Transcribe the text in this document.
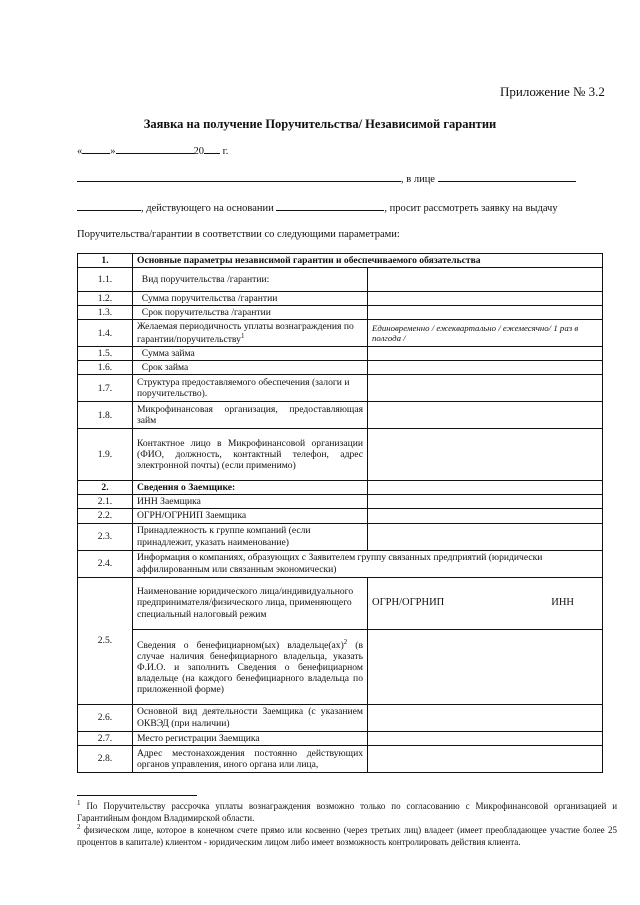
Приложение № 3.2
Заявка на получение Поручительства/ Независимой гарантии
«	»	20 г.
, в лице
, действующего на основании	, просит рассмотреть заявку на выдачу
Поручительства/гарантии в соответствии со следующими параметрами:
1.	Основные параметры независимой гарантии и обеспечиваемого обязательства	
1.1.	Вид поручительства /гарантии:	
1.2.	Сумма поручительства /гарантии	
1.3.	Срок поручительства /гарантии	
1.4.	Желаемая периодичность уплаты вознаграждения по гарантии/поручительству$^1$	Единовременно / ежеквартально / ежемесячно/ 1 раз в полгода /
1.5.	Сумма займа	
1.6.	Срок займа	
1.7.	Структура предоставляемого обеспечения (залоги и поручительство).	
1.8.	Микрофинансовая организация, предоставляющая займ	
1.9.	Контактное лицо в Микрофинансовой организации (ФИО, должность, контактный телефон, адрес электронной почты) (если применимо)	
2.	Сведения о Заемщике:	
2.1.	ИНН Заемщика	
2.2.	ОГРН/ОГРНИП Заемщика	
2.3.	Принадлежность к группе компаний (если принадлежит, указать наименование)	
2.4.	Информация о компаниях, образующих с Заявителем группу связанных предприятий (юридически аффилированным или связанным экономически)	
2.5.	Наименование юридического лица/индивидуального предпринимателя/физического лица, применяющего специальный налоговый режим	ОГРН/ОГРНИП ИНН

	Сведения о бенефициарном(ых) владельце(ах)$^2$ (в случае наличия бенефициарного владельца, указать Ф.И.О. и заполнить Сведения о бенефициарном владельце (на каждого бенефициарного владельца по приложенной форме)	
2.6.	Основной вид деятельности Заемщика (с указанием ОКВЭД (при наличии)	
2.7.	Место регистрации Заемщика	
2.8.	Адрес местонахождения постоянно действующих органов управления, иного органа или лица,	
$^1$ По Поручительству рассрочка уплаты вознаграждения возможно только по согласованию с Микрофинансовой организацией и Гарантийным фондом Владимирской области.
$^2$ физическом лице, которое в конечном счете прямо или косвенно (через третьих лиц) владеет (имеет преобладающее участие более 25 процентов в капитале) клиентом - юридическим лицом либо имеет возможность контролировать действия клиента.
